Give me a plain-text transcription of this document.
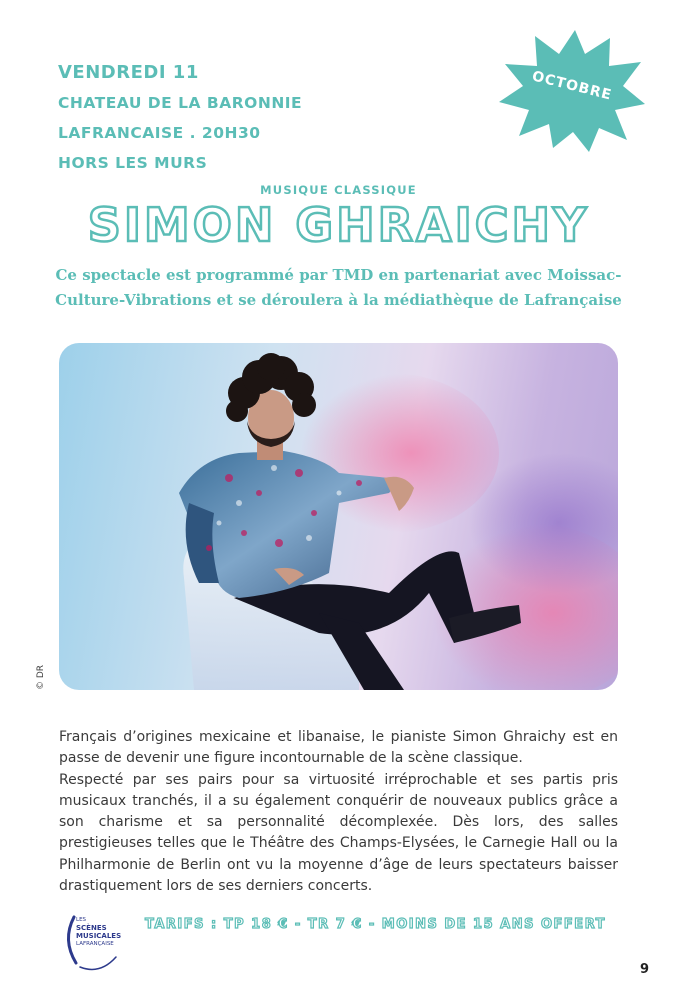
VENDREDI 11
CHATEAU DE LA BARONNIE
LAFRANCAISE . 20H30
HORS LES MURS
OCTOBRE
MUSIQUE CLASSIQUE
SIMON GHRAICHY
Ce spectacle est programmé par TMD en partenariat avec Moissac-
Culture-Vibrations et se déroulera à la médiathèque de Lafrançaise
© DR

Français d’origines mexicaine et libanaise, le pianiste Simon Ghraichy est en passe de devenir une figure incontournable de la scène classique.

Respecté par ses pairs pour sa virtuosité irréprochable et ses partis pris musicaux tranchés, il a su également conquérir de nouveaux publics grâce a son charisme et sa personnalité décomplexée. Dès lors, des salles prestigieuses telles que le Théâtre des Champs-Elysées, le Carnegie Hall ou la Philharmonie de Berlin ont vu la moyenne d’âge de leurs spectateurs baisser drastiquement lors de ses derniers concerts.

LES
SCÈNES
MUSICALES
LAFRANÇAISE
TARIFS : TP 18 € - TR 7 € - MOINS DE 15 ANS OFFERT
9
